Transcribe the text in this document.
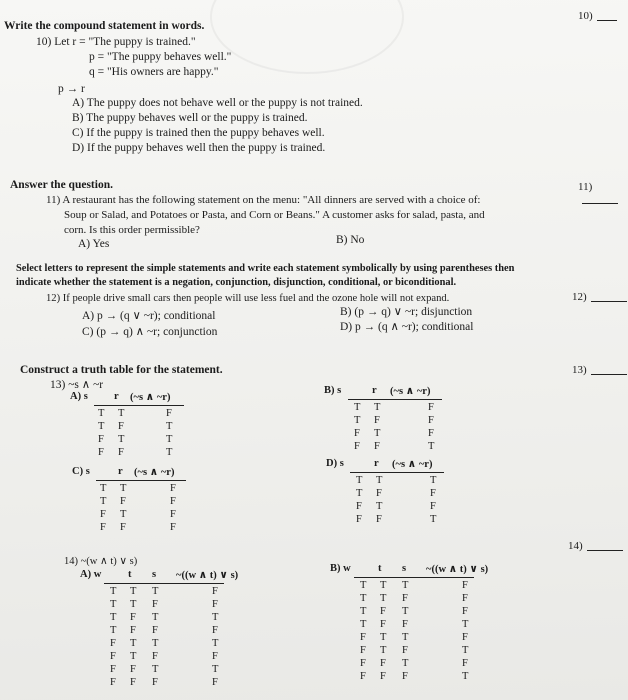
10)
Write the compound statement in words.
10) Let r = "The puppy is trained."
p = "The puppy behaves well."
q = "His owners are happy."
p → r
A) The puppy does not behave well or the puppy is not trained.
B) The puppy behaves well or the puppy is trained.
C) If the puppy is trained then the puppy behaves well.
D) If the puppy behaves well then the puppy is trained.
Answer the question.	11)
11) A restaurant has the following statement on the menu: "All dinners are served with a choice of:
Soup or Salad, and Potatoes or Pasta, and Corn or Beans." A customer asks for salad, pasta, and
corn. Is this order permissible?
A) Yes	B) No
Select letters to represent the simple statements and write each statement symbolically by using parentheses then
indicate whether the statement is a negation, conjunction, disjunction, conditional, or biconditional.
12)
12) If people drive small cars then people will use less fuel and the ozone hole will not expand.
A) p → (q ∨ ~r); conditional	B) (p → q) ∨ ~r; disjunction
C) (p → q) ∧ ~r; conjunction	D) p → (q ∧ ~r); conditional
Construct a truth table for the statement.	13)
13) ~s ∧ ~r
A) s r (~s ∧ ~r)
T T	F
T F	T
F T	T
F F	T
B) s	r (~s ∧ ~r)
T T	F
T F	F
F T	F
F F	T
C) s	r (~s ∧ ~r)
T T	F
T F	F
F T	F
F F	F
D) s	r (~s ∧ ~r)
T T	T
T F	F
F T	F
F F	T
14)
14) ~(w ∧ t) ∨ s)
A) w	t s ~((w ∧ t) ∨ s)
T T T	F
T T F	F
T F T	T
T F F	F
F T T	T
F T F	F
F F T	T
F F F	F
B) w	t s ~((w ∧ t) ∨ s)
T T T	F
T T F	F
T F T	F
T F F	T
F T T	F
F T F	T
F F T	F
F F F	T
